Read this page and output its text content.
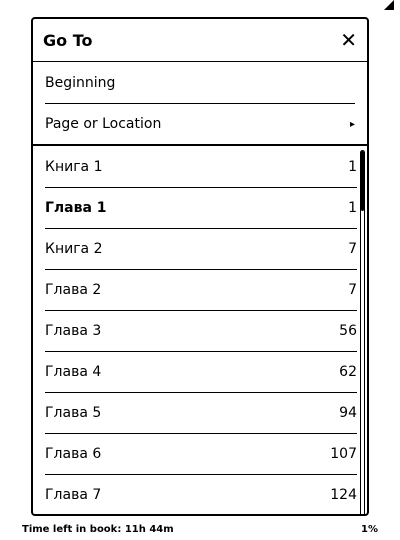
Go To	✕
Beginning
Page or Location	▸
Книга 1	1
Глава 1	1
Книга 2	7
Глава 2	7
Глава 3	56
Глава 4	62
Глава 5	94
Глава 6	107
Глава 7	124
Time left in book: 11h 44m	1%
